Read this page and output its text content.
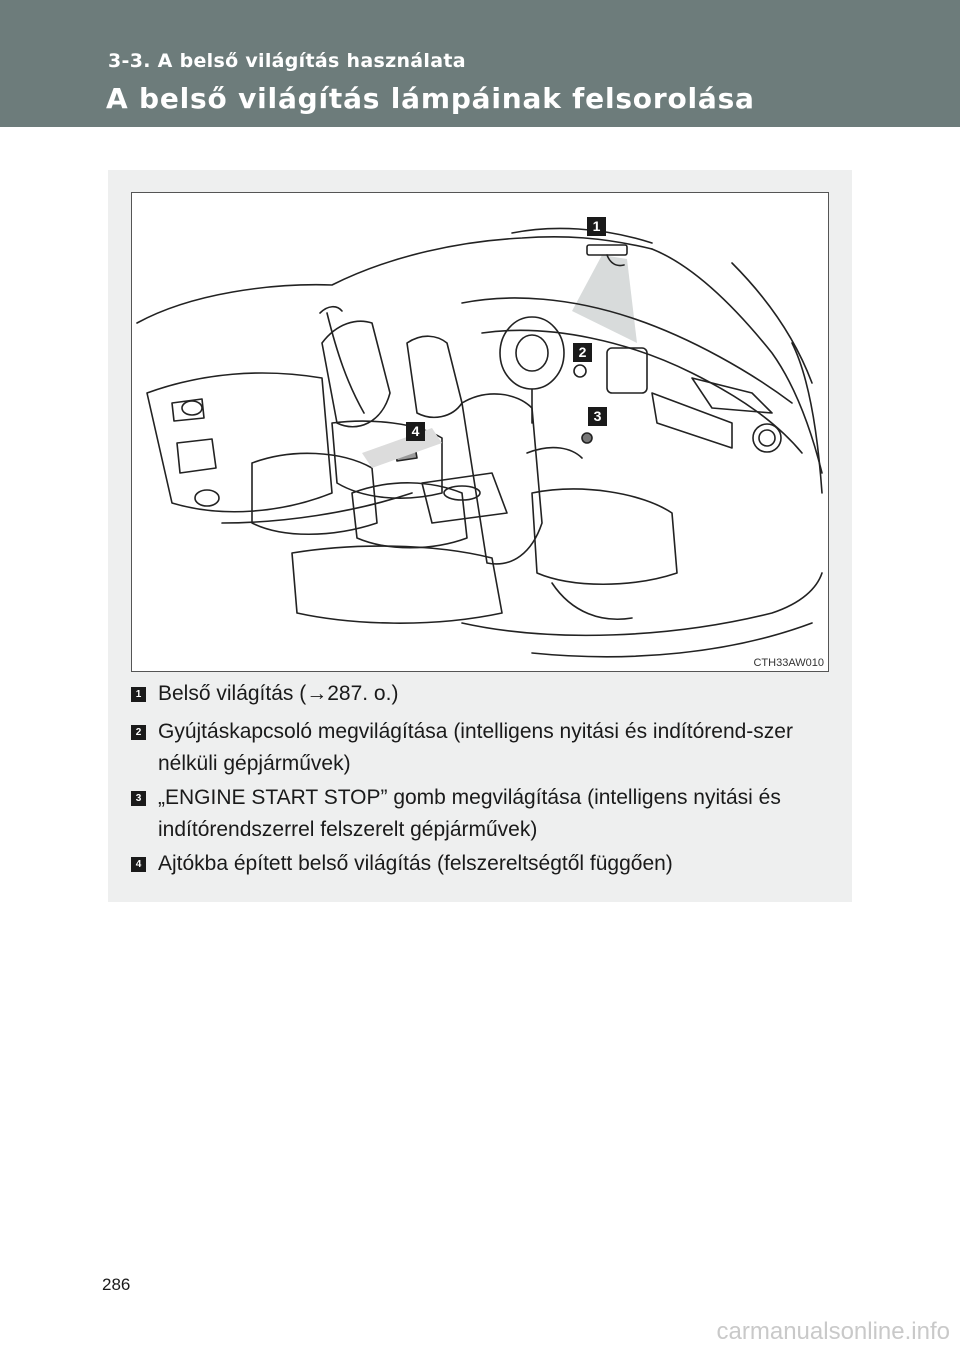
3-3. A belső világítás használata
A belső világítás lámpáinak felsorolása
1
2
3
4
CTH33AW010
1 Belső világítás (→287. o.)
2 Gyújtáskapcsoló megvilágítása (intelligens nyitási és indítórend-szer nélküli gépjárművek)
3 „ENGINE START STOP” gomb megvilágítása (intelligens nyitási és indítórendszerrel felszerelt gépjárművek)
4 Ajtókba épített belső világítás (felszereltségtől függően)
286
carmanualsonline.info
